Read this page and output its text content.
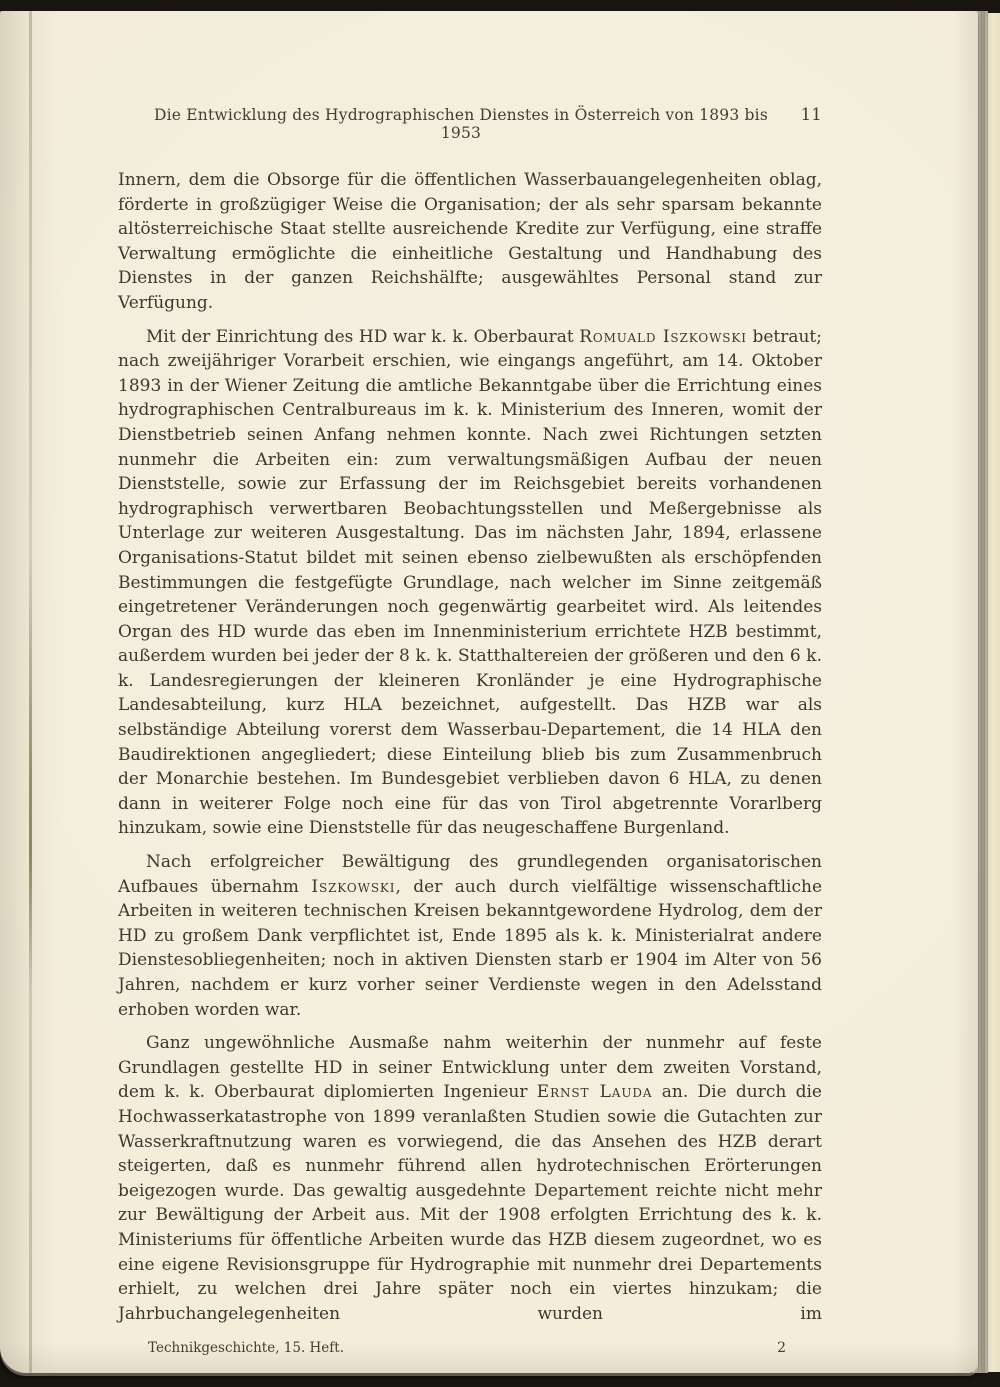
Die Entwicklung des Hydrographischen Dienstes in Österreich von 1893 bis 1953
11

Innern, dem die Obsorge für die öffentlichen Wasserbauangelegenheiten oblag, förderte in großzügiger Weise die Organisation; der als sehr sparsam bekannte altösterreichische Staat stellte ausreichende Kredite zur Verfügung, eine straffe Verwaltung ermöglichte die einheitliche Gestaltung und Handhabung des Dienstes in der ganzen Reichshälfte; ausgewähltes Personal stand zur Verfügung.

Mit der Einrichtung des HD war k. k. Oberbaurat Romuald Iszkowski betraut; nach zweijähriger Vorarbeit erschien, wie eingangs angeführt, am 14. Oktober 1893 in der Wiener Zeitung die amtliche Bekanntgabe über die Errichtung eines hydrographischen Centralbureaus im k. k. Ministerium des Inneren, womit der Dienstbetrieb seinen Anfang nehmen konnte. Nach zwei Richtungen setzten nunmehr die Arbeiten ein: zum verwaltungsmäßigen Aufbau der neuen Dienststelle, sowie zur Erfassung der im Reichsgebiet bereits vorhandenen hydrographisch verwertbaren Beobachtungsstellen und Meßergebnisse als Unterlage zur weiteren Ausgestaltung. Das im nächsten Jahr, 1894, erlassene Organisations-Statut bildet mit seinen ebenso zielbewußten als erschöpfenden Bestimmungen die festgefügte Grundlage, nach welcher im Sinne zeitgemäß eingetretener Veränderungen noch gegenwärtig gearbeitet wird. Als leitendes Organ des HD wurde das eben im Innenministerium errichtete HZB bestimmt, außerdem wurden bei jeder der 8 k. k. Statthaltereien der größeren und den 6 k. k. Landesregierungen der kleineren Kronländer je eine Hydrographische Landesabteilung, kurz HLA bezeichnet, aufgestellt. Das HZB war als selbständige Abteilung vorerst dem Wasserbau-Departement, die 14 HLA den Baudirektionen angegliedert; diese Einteilung blieb bis zum Zusammenbruch der Monarchie bestehen. Im Bundesgebiet verblieben davon 6 HLA, zu denen dann in weiterer Folge noch eine für das von Tirol abgetrennte Vorarlberg hinzukam, sowie eine Dienststelle für das neugeschaffene Burgenland.

Nach erfolgreicher Bewältigung des grundlegenden organisatorischen Aufbaues übernahm Iszkowski, der auch durch vielfältige wissenschaftliche Arbeiten in weiteren technischen Kreisen bekanntgewordene Hydrolog, dem der HD zu großem Dank verpflichtet ist, Ende 1895 als k. k. Ministerialrat andere Dienstesobliegenheiten; noch in aktiven Diensten starb er 1904 im Alter von 56 Jahren, nachdem er kurz vorher seiner Verdienste wegen in den Adelsstand erhoben worden war.

Ganz ungewöhnliche Ausmaße nahm weiterhin der nunmehr auf feste Grundlagen gestellte HD in seiner Entwicklung unter dem zweiten Vorstand, dem k. k. Oberbaurat diplomierten Ingenieur Ernst Lauda an. Die durch die Hochwasserkatastrophe von 1899 veranlaßten Studien sowie die Gutachten zur Wasserkraftnutzung waren es vorwiegend, die das Ansehen des HZB derart steigerten, daß es nunmehr führend allen hydrotechnischen Erörterungen beigezogen wurde. Das gewaltig ausgedehnte Departement reichte nicht mehr zur Bewältigung der Arbeit aus. Mit der 1908 erfolgten Errichtung des k. k. Ministeriums für öffentliche Arbeiten wurde das HZB diesem zugeordnet, wo es eine eigene Revisionsgruppe für Hydrographie mit nunmehr drei Departements erhielt, zu welchen drei Jahre später noch ein viertes hinzukam; die Jahrbuchangelegenheiten wurden im

Technikgeschichte, 15. Heft.	2
